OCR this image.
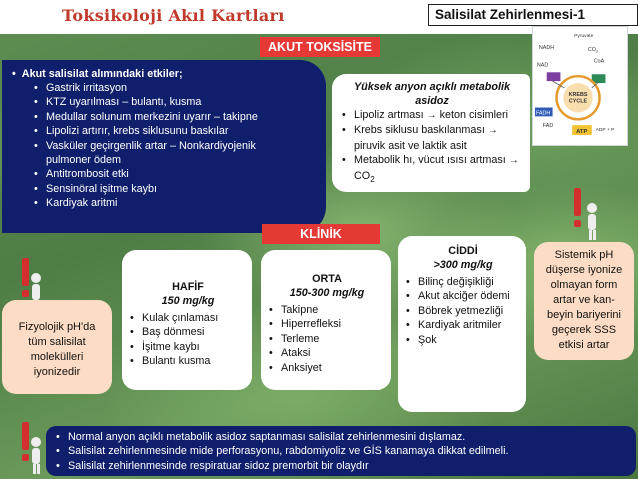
Toksikoloji Akıl Kartları	Salisilat Zehirlenmesi-1
Pyruvate
NADH	$CO_2$
CoA
NAD
KREBS
CYCLE
FADH
FAD
ATP ADP + P
AKUT TOKSİSİTE
• Akut salisilat alımındaki etkiler;
• Gastrik irritasyon
• KTZ uyarılması – bulantı, kusma
• Medullar solunum merkezini uyarır – takipne
• Lipolizi artırır, krebs siklusunu baskılar
• Vasküler geçirgenlik artar – Nonkardiyojenik pulmoner ödem
• Antitrombosit etki
• Sensinöral işitme kaybı
• Kardiyak aritmi
Yüksek anyon açıklı metabolik asidoz
• Lipoliz artması → keton cisimleri
• Krebs siklusu baskılanması → piruvik asit ve laktik asit
• Metabolik hı, vücut ısısı artması → $CO_2$
KLİNİK
Fizyolojik pH'da tüm salisilat molekülleri iyonizedir
Sistemik pH düşerse iyonize olmayan form artar ve kan-beyin bariyerini geçerek SSS etkisi artar
HAFİF
150 mg/kg
• Kulak çınlaması
• Baş dönmesi
• İşitme kaybı
• Bulantı kusma
ORTA
150-300 mg/kg
• Takipne
• Hiperrefleksi
• Terleme
• Ataksi
• Anksiyet
CİDDİ
>300 mg/kg
• Bilinç değişikliği
• Akut akciğer ödemi
• Böbrek yetmezliği
• Kardiyak aritmiler
• Şok
• Normal anyon açıklı metabolik asidoz saptanması salisilat zehirlenmesini dışlamaz.
• Salisilat zehirlenmesinde mide perforasyonu, rabdomiyoliz ve GİS kanamaya dikkat edilmeli.
• Salisilat zehirlenmesinde respiratuar sidoz premorbit bir olaydır
